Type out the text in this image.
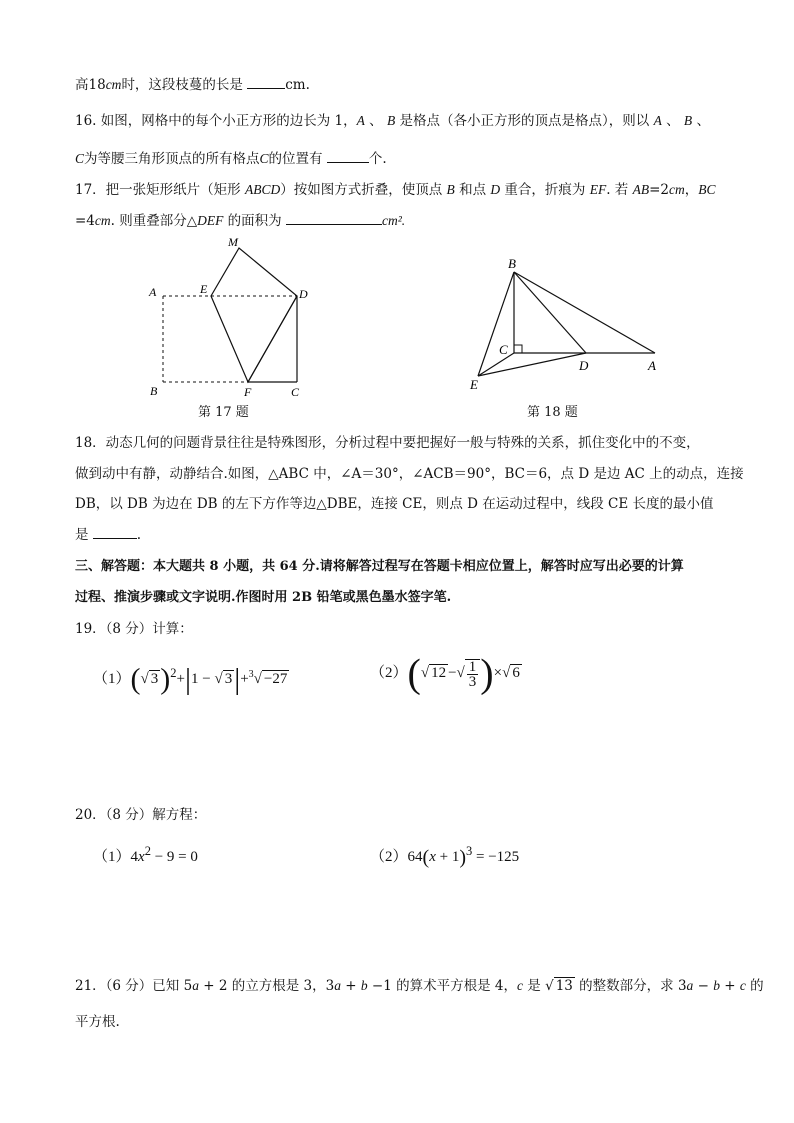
高18cm时，这段枝蔓的长是	cm.
16. 如图，网格中的每个小正方形的边长为 1，A 、 B 是格点（各小正方形的顶点是格点），则以 A 、 B 、
C为等腰三角形顶点的所有格点C的位置有	个.
17．把一张矩形纸片（矩形 ABCD）按如图方式折叠，使顶点 B 和点 D 重合，折痕为 EF. 若 AB=2cm，BC
=4cm. 则重叠部分△DEF 的面积为	cm².
M
A	E	D
B	F	C
第 17 题
B
C
D	A
E
第 18 题
18．动态几何的问题背景往往是特殊图形，分析过程中要把握好一般与特殊的关系，抓住变化中的不变，
做到动中有静，动静结合.如图，△ABC 中，∠A＝30°，∠ACB＝90°，BC＝6，点 D 是边 AC 上的动点，连接
DB，以 DB 为边在 DB 的左下方作等边△DBE，连接 CE，则点 D 在运动过程中，线段 CE 长度的最小值
是	.
三、解答题：本大题共 8 小题，共 64 分.请将解答过程写在答题卡相应位置上，解答时应写出必要的计算
过程、推演步骤或文字说明.作图时用 2B 铅笔或黑色墨水签字笔.
19．（8 分）计算：
（1）(√ 3)$^2$+|1 − √ 3|+$^3$√ −27	（2）(√ 12 −√ $\frac{1}{3}$ )×√ 6
20．（8 分）解方程：
$(1)4x^2 - 9 = 0$	$(2)64(x + 1)^3 = -125$
21．（6 分）已知 5a + 2 的立方根是 3，3a + b −1 的算术平方根是 4，c 是 √ 13 的整数部分，求 3a − b + c 的
平方根.
